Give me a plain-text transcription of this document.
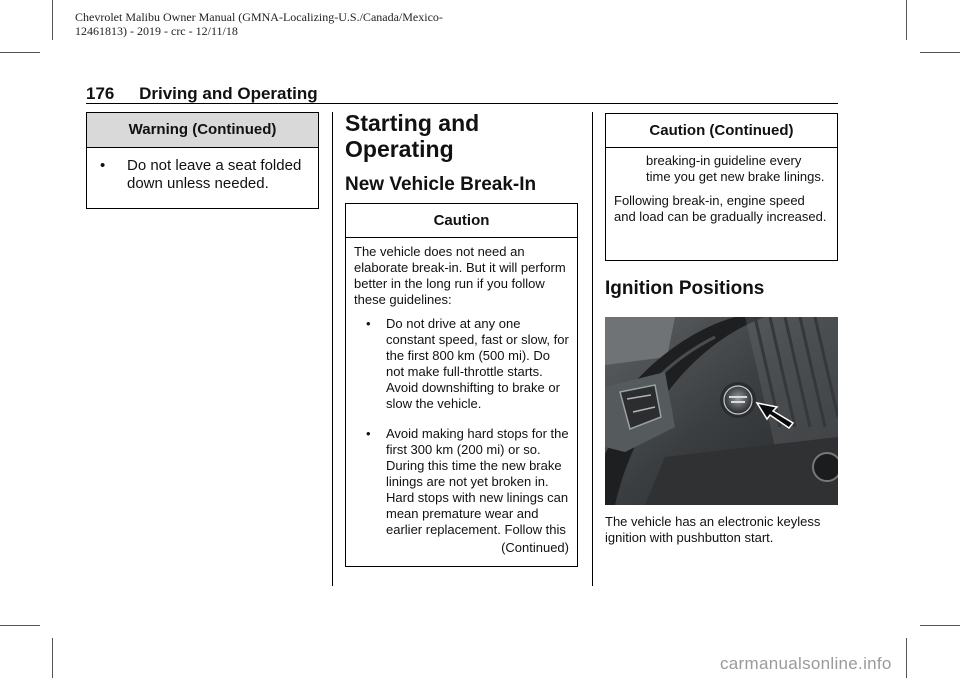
Chevrolet Malibu Owner Manual (GMNA-Localizing-U.S./Canada/Mexico-
12461813) - 2019 - crc - 12/11/18
176 Driving and Operating
Warning (Continued)
•	Do not leave a seat folded down unless needed.
Starting and Operating
New Vehicle Break-In
Caution
The vehicle does not need an elaborate break-in. But it will perform better in the long run if you follow these guidelines:
•	Do not drive at any one constant speed, fast or slow, for the first 800 km (500 mi). Do not make full-throttle starts. Avoid downshifting to brake or slow the vehicle.
•	Avoid making hard stops for the first 300 km (200 mi) or so. During this time the new brake linings are not yet broken in. Hard stops with new linings can mean premature wear and earlier replacement. Follow this
(Continued)
Caution (Continued)
breaking-in guideline every time you get new brake linings.
Following break-in, engine speed and load can be gradually increased.
Ignition Positions
The vehicle has an electronic keyless ignition with pushbutton start.
carmanualsonline.info
